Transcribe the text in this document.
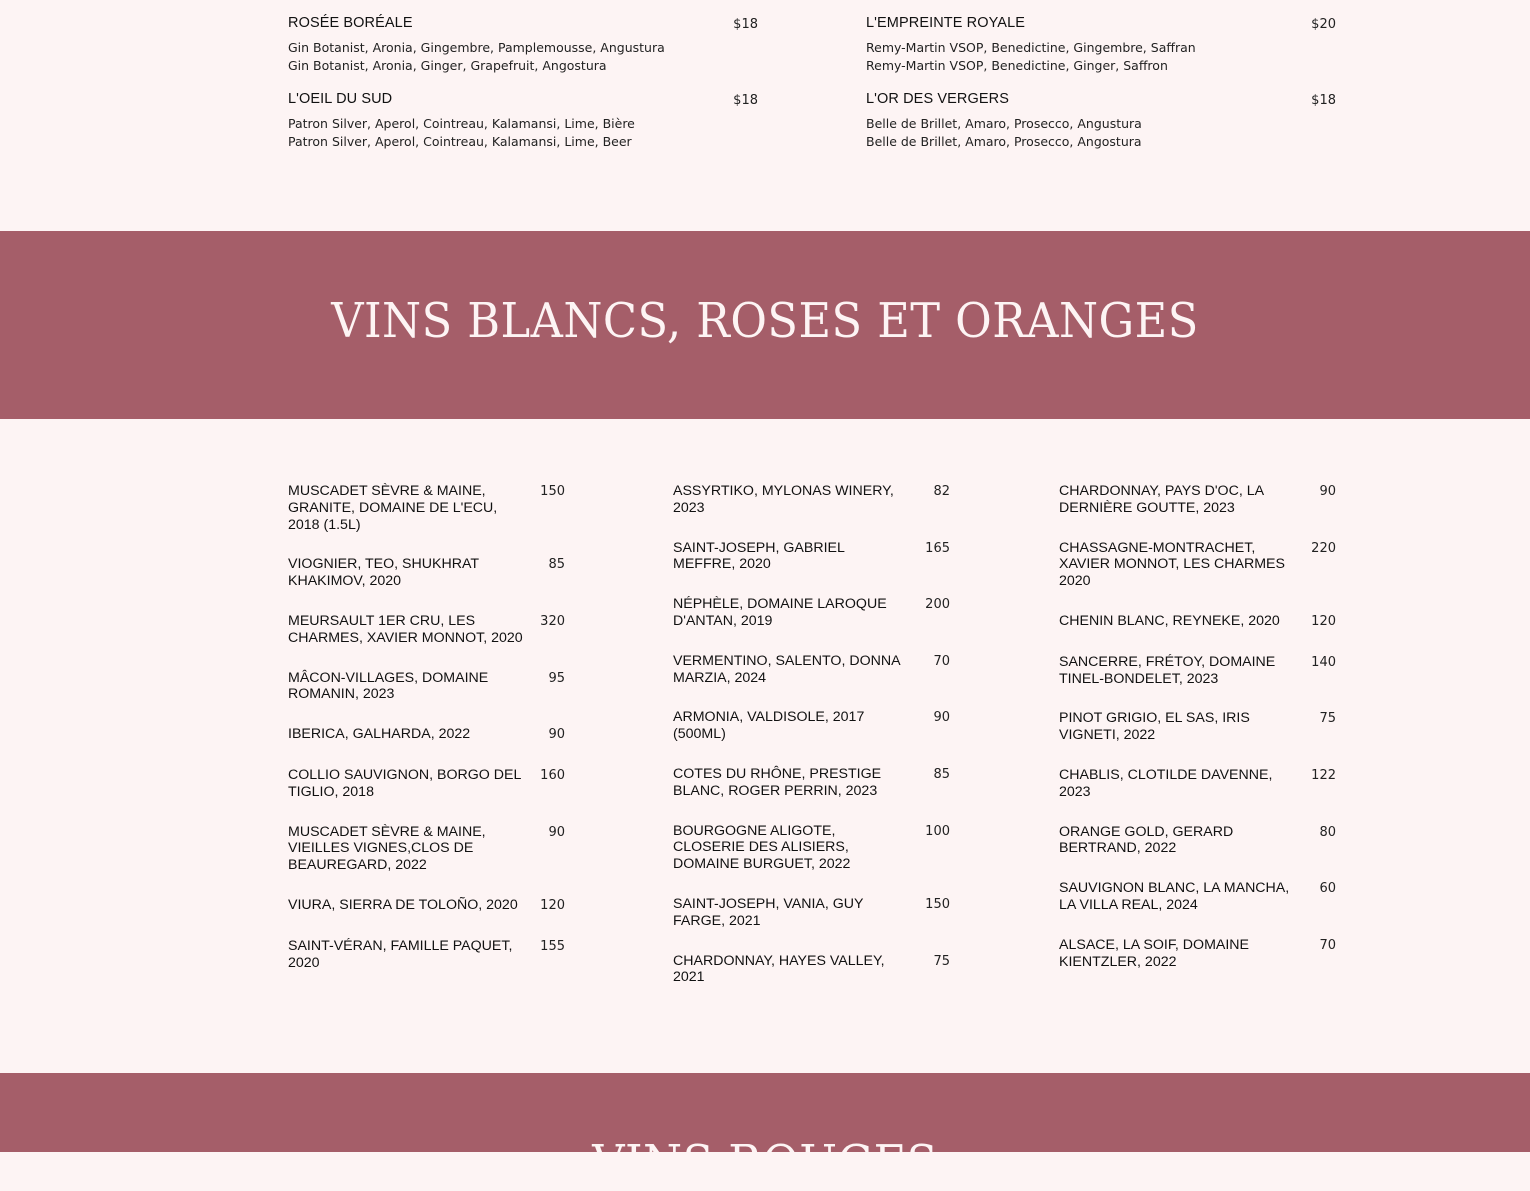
ROSÉE BORÉALE	$18
Gin Botanist, Aronia, Gingembre, Pamplemousse, Angustura
Gin Botanist, Aronia, Ginger, Grapefruit, Angostura
L'OEIL DU SUD	$18
Patron Silver, Aperol, Cointreau, Kalamansi, Lime, Bière
Patron Silver, Aperol, Cointreau, Kalamansi, Lime, Beer
L'EMPREINTE ROYALE	$20
Remy-Martin VSOP, Benedictine, Gingembre, Saffran
Remy-Martin VSOP, Benedictine, Ginger, Saffron
L'OR DES VERGERS	$18
Belle de Brillet, Amaro, Prosecco, Angustura
Belle de Brillet, Amaro, Prosecco, Angostura
VINS BLANCS, ROSES ET ORANGES
MUSCADET SÈVRE & MAINE, GRANITE, DOMAINE DE L'ECU, 2018 (1.5L)
150
VIOGNIER, TEO, SHUKHRAT KHAKIMOV, 2020
85
MEURSAULT 1ER CRU, LES CHARMES, XAVIER MONNOT, 2020
320
MÂCON-VILLAGES, DOMAINE ROMANIN, 2023
95
IBERICA, GALHARDA, 2022	90
COLLIO SAUVIGNON, BORGO DEL TIGLIO, 2018
160
MUSCADET SÈVRE & MAINE, VIEILLES VIGNES,CLOS DE BEAUREGARD, 2022
90
VIURA, SIERRA DE TOLOÑO, 2020	120
SAINT-VÉRAN, FAMILLE PAQUET, 2020
155
ASSYRTIKO, MYLONAS WINERY, 2023
82
SAINT-JOSEPH, GABRIEL MEFFRE, 2020
165
NÉPHÈLE, DOMAINE LAROQUE D'ANTAN, 2019
200
VERMENTINO, SALENTO, DONNA MARZIA, 2024
70
ARMONIA, VALDISOLE, 2017 (500ML)
90
COTES DU RHÔNE, PRESTIGE BLANC, ROGER PERRIN, 2023
85
BOURGOGNE ALIGOTE, CLOSERIE DES ALISIERS, DOMAINE BURGUET, 2022
100
SAINT-JOSEPH, VANIA, GUY FARGE, 2021
150
CHARDONNAY, HAYES VALLEY, 2021
75
CHARDONNAY, PAYS D'OC, LA DERNIÈRE GOUTTE, 2023
90
CHASSAGNE-MONTRACHET, XAVIER MONNOT, LES CHARMES 2020
220
CHENIN BLANC, REYNEKE, 2020	120
SANCERRE, FRÉTOY, DOMAINE TINEL-BONDELET, 2023
140
PINOT GRIGIO, EL SAS, IRIS VIGNETI, 2022
75
CHABLIS, CLOTILDE DAVENNE, 2023
122
ORANGE GOLD, GERARD BERTRAND, 2022
80
SAUVIGNON BLANC, LA MANCHA, LA VILLA REAL, 2024
60
ALSACE, LA SOIF, DOMAINE KIENTZLER, 2022
70
VINS ROUGES
